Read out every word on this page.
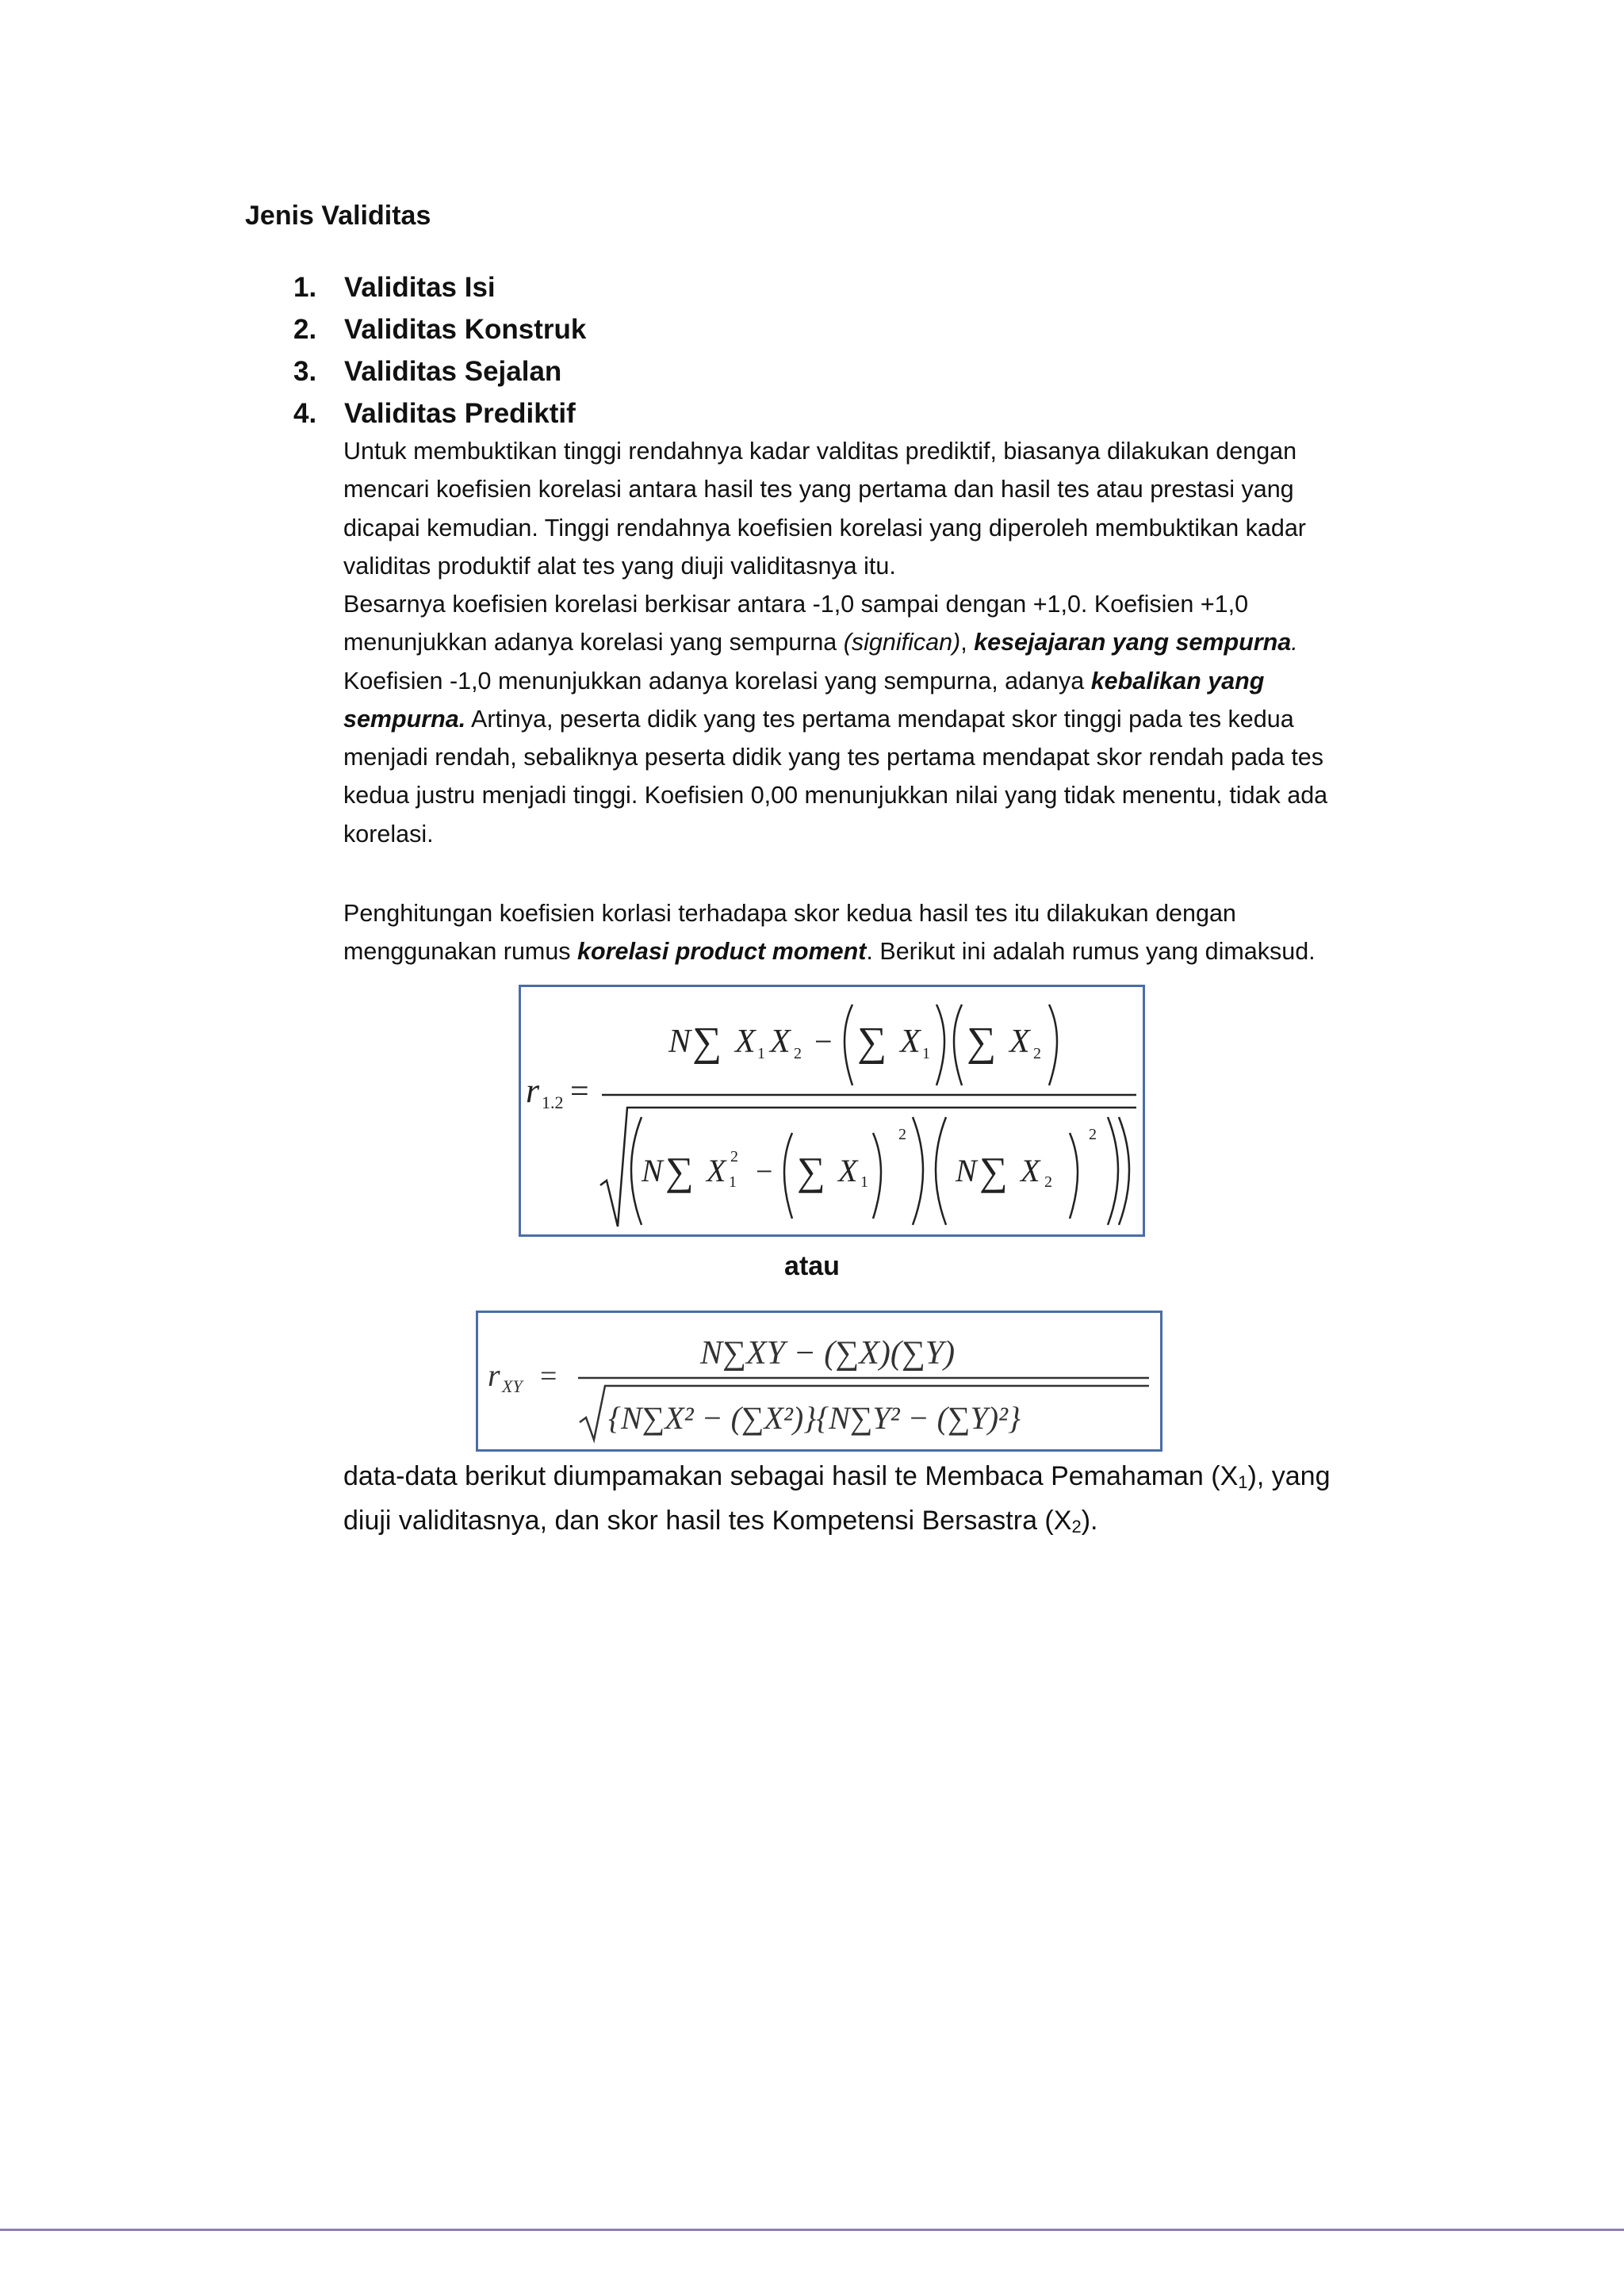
Jenis Validitas
1. Validitas Isi
2. Validitas Konstruk
3. Validitas Sejalan
4. Validitas Prediktif
Untuk membuktikan tinggi rendahnya kadar valditas prediktif, biasanya dilakukan dengan
mencari koefisien korelasi antara hasil tes yang pertama dan hasil tes atau prestasi yang
dicapai kemudian. Tinggi rendahnya koefisien korelasi yang diperoleh membuktikan kadar
validitas produktif alat tes yang diuji validitasnya itu.
Besarnya koefisien korelasi berkisar antara -1,0 sampai dengan +1,0. Koefisien +1,0
menunjukkan adanya korelasi yang sempurna (significan), kesejajaran yang sempurna.
Koefisien -1,0 menunjukkan adanya korelasi yang sempurna, adanya kebalikan yang
sempurna. Artinya, peserta didik yang tes pertama mendapat skor tinggi pada tes kedua
menjadi rendah, sebaliknya peserta didik yang tes pertama mendapat skor rendah pada tes
kedua justru menjadi tinggi. Koefisien 0,00 menunjukkan nilai yang tidak menentu, tidak ada
korelasi.
Penghitungan koefisien korlasi terhadapa skor kedua hasil tes itu dilakukan dengan
menggunakan rumus korelasi product moment. Berikut ini adalah rumus yang dimaksud.
r 1.2 =
N ∑ X 1 X 2 − ∑ X 1 ∑ X 2
N ∑ X 2
1 − ∑ X 1
2
N ∑ X 2
2

atau

r XY =
N∑XY − (∑X)(∑Y)
{N∑X² − (∑X²)}{N∑Y² − (∑Y)²}
data-data berikut diumpamakan sebagai hasil te Membaca Pemahaman $(X_1)$, yang
diuji validitasnya, dan skor hasil tes Kompetensi Bersastra $(X_2)$.
